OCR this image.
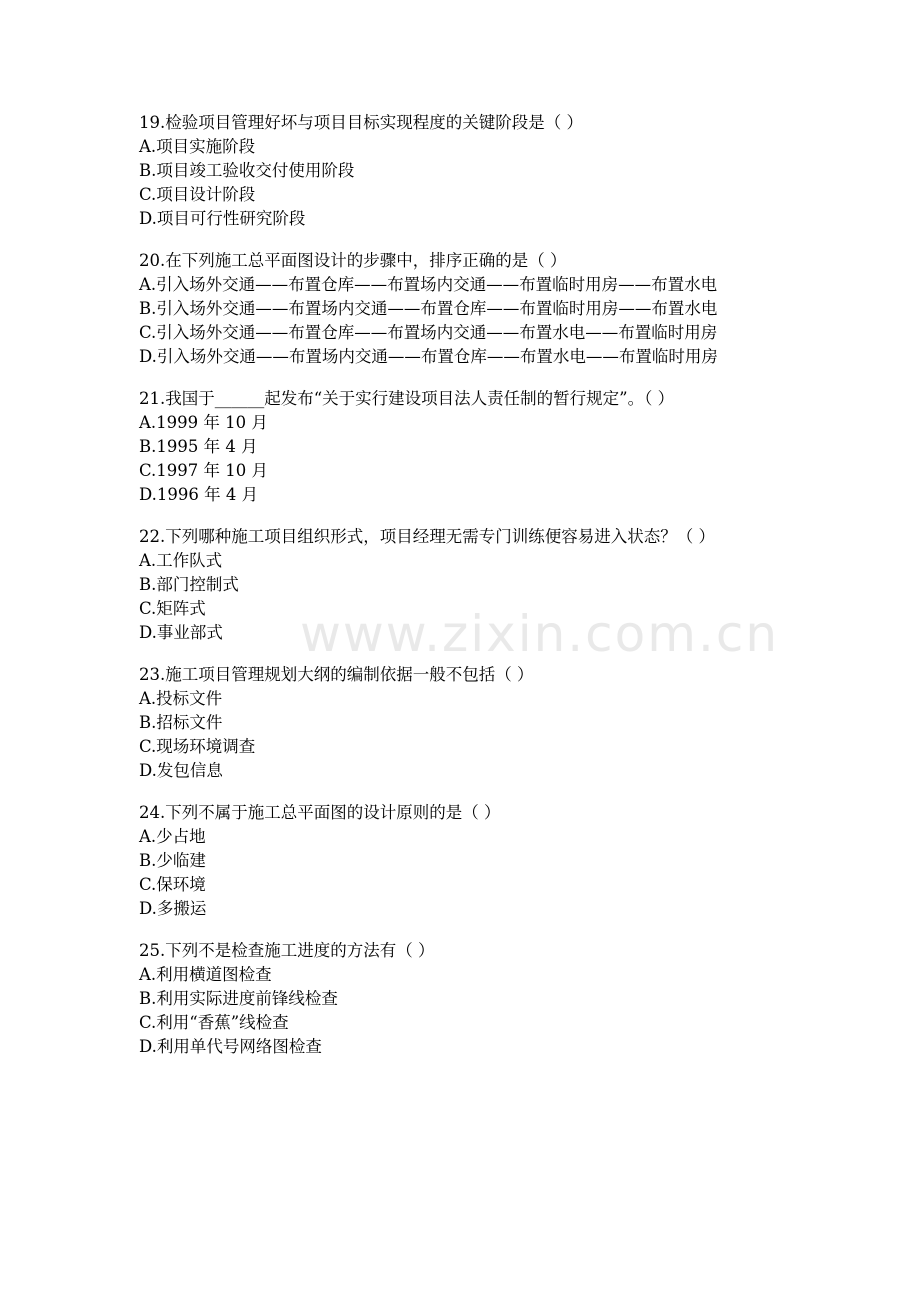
www.zixin.com.cn
19.检验项目管理好坏与项目目标实现程度的关键阶段是（ ）
A.项目实施阶段
B.项目竣工验收交付使用阶段
C.项目设计阶段
D.项目可行性研究阶段
20.在下列施工总平面图设计的步骤中，排序正确的是（ ）
A.引入场外交通——布置仓库——布置场内交通——布置临时用房——布置水电
B.引入场外交通——布置场内交通——布置仓库——布置临时用房——布置水电
C.引入场外交通——布置仓库——布置场内交通——布置水电——布置临时用房
D.引入场外交通——布置场内交通——布置仓库——布置水电——布置临时用房
21.我国于______起发布“关于实行建设项目法人责任制的暂行规定”。（ ）
A.1999 年 10 月
B.1995 年 4 月
C.1997 年 10 月
D.1996 年 4 月
22.下列哪种施工项目组织形式，项目经理无需专门训练便容易进入状态？（ ）
A.工作队式
B.部门控制式
C.矩阵式
D.事业部式
23.施工项目管理规划大纲的编制依据一般不包括（ ）
A.投标文件
B.招标文件
C.现场环境调查
D.发包信息
24.下列不属于施工总平面图的设计原则的是（ ）
A.少占地
B.少临建
C.保环境
D.多搬运
25.下列不是检查施工进度的方法有（ ）
A.利用横道图检查
B.利用实际进度前锋线检查
C.利用“香蕉”线检查
D.利用单代号网络图检查
